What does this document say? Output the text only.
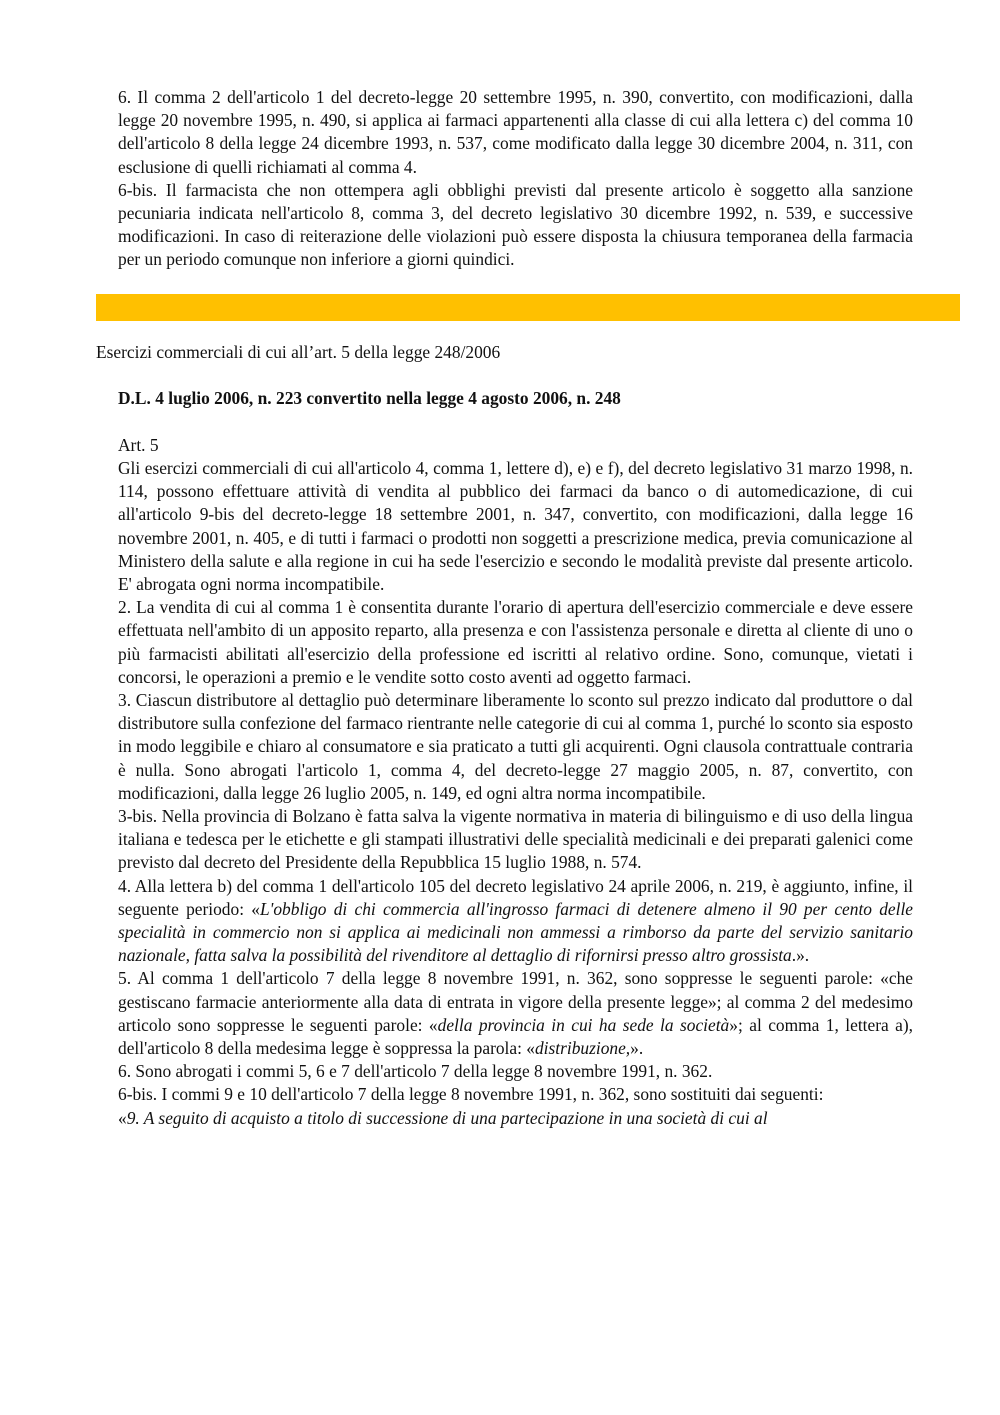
6. Il comma 2 dell'articolo 1 del decreto-legge 20 settembre 1995, n. 390, convertito, con modificazioni, dalla legge 20 novembre 1995, n. 490, si applica ai farmaci appartenenti alla classe di cui alla lettera c) del comma 10 dell'articolo 8 della legge 24 dicembre 1993, n. 537, come modificato dalla legge 30 dicembre 2004, n. 311, con esclusione di quelli richiamati al comma 4.

6-bis. Il farmacista che non ottempera agli obblighi previsti dal presente articolo è soggetto alla sanzione pecuniaria indicata nell'articolo 8, comma 3, del decreto legislativo 30 dicembre 1992, n. 539, e successive modificazioni. In caso di reiterazione delle violazioni può essere disposta la chiusura temporanea della farmacia per un periodo comunque non inferiore a giorni quindici.

Esercizi commerciali di cui all’art. 5 della legge 248/2006
D.L. 4 luglio 2006, n. 223 convertito nella legge 4 agosto 2006, n. 248
Art. 5

Gli esercizi commerciali di cui all'articolo 4, comma 1, lettere d), e) e f), del decreto legislativo 31 marzo 1998, n. 114, possono effettuare attività di vendita al pubblico dei farmaci da banco o di automedicazione, di cui all'articolo 9-bis del decreto-legge 18 settembre 2001, n. 347, convertito, con modificazioni, dalla legge 16 novembre 2001, n. 405, e di tutti i farmaci o prodotti non soggetti a prescrizione medica, previa comunicazione al Ministero della salute e alla regione in cui ha sede l'esercizio e secondo le modalità previste dal presente articolo. E' abrogata ogni norma incompatibile.

2. La vendita di cui al comma 1 è consentita durante l'orario di apertura dell'esercizio commerciale e deve essere effettuata nell'ambito di un apposito reparto, alla presenza e con l'assistenza personale e diretta al cliente di uno o più farmacisti abilitati all'esercizio della professione ed iscritti al relativo ordine. Sono, comunque, vietati i concorsi, le operazioni a premio e le vendite sotto costo aventi ad oggetto farmaci.

3. Ciascun distributore al dettaglio può determinare liberamente lo sconto sul prezzo indicato dal produttore o dal distributore sulla confezione del farmaco rientrante nelle categorie di cui al comma 1, purché lo sconto sia esposto in modo leggibile e chiaro al consumatore e sia praticato a tutti gli acquirenti. Ogni clausola contrattuale contraria è nulla. Sono abrogati l'articolo 1, comma 4, del decreto-legge 27 maggio 2005, n. 87, convertito, con modificazioni, dalla legge 26 luglio 2005, n. 149, ed ogni altra norma incompatibile.

3-bis. Nella provincia di Bolzano è fatta salva la vigente normativa in materia di bilinguismo e di uso della lingua italiana e tedesca per le etichette e gli stampati illustrativi delle specialità medicinali e dei preparati galenici come previsto dal decreto del Presidente della Repubblica 15 luglio 1988, n. 574.

4. Alla lettera b) del comma 1 dell'articolo 105 del decreto legislativo 24 aprile 2006, n. 219, è aggiunto, infine, il seguente periodo: «L'obbligo di chi commercia all'ingrosso farmaci di detenere almeno il 90 per cento delle specialità in commercio non si applica ai medicinali non ammessi a rimborso da parte del servizio sanitario nazionale, fatta salva la possibilità del rivenditore al dettaglio di rifornirsi presso altro grossista.».

5. Al comma 1 dell'articolo 7 della legge 8 novembre 1991, n. 362, sono soppresse le seguenti parole: «che gestiscano farmacie anteriormente alla data di entrata in vigore della presente legge»; al comma 2 del medesimo articolo sono soppresse le seguenti parole: «della provincia in cui ha sede la società»; al comma 1, lettera a), dell'articolo 8 della medesima legge è soppressa la parola: «distribuzione,».

6. Sono abrogati i commi 5, 6 e 7 dell'articolo 7 della legge 8 novembre 1991, n. 362.

6-bis. I commi 9 e 10 dell'articolo 7 della legge 8 novembre 1991, n. 362, sono sostituiti dai seguenti:

«9. A seguito di acquisto a titolo di successione di una partecipazione in una società di cui al
